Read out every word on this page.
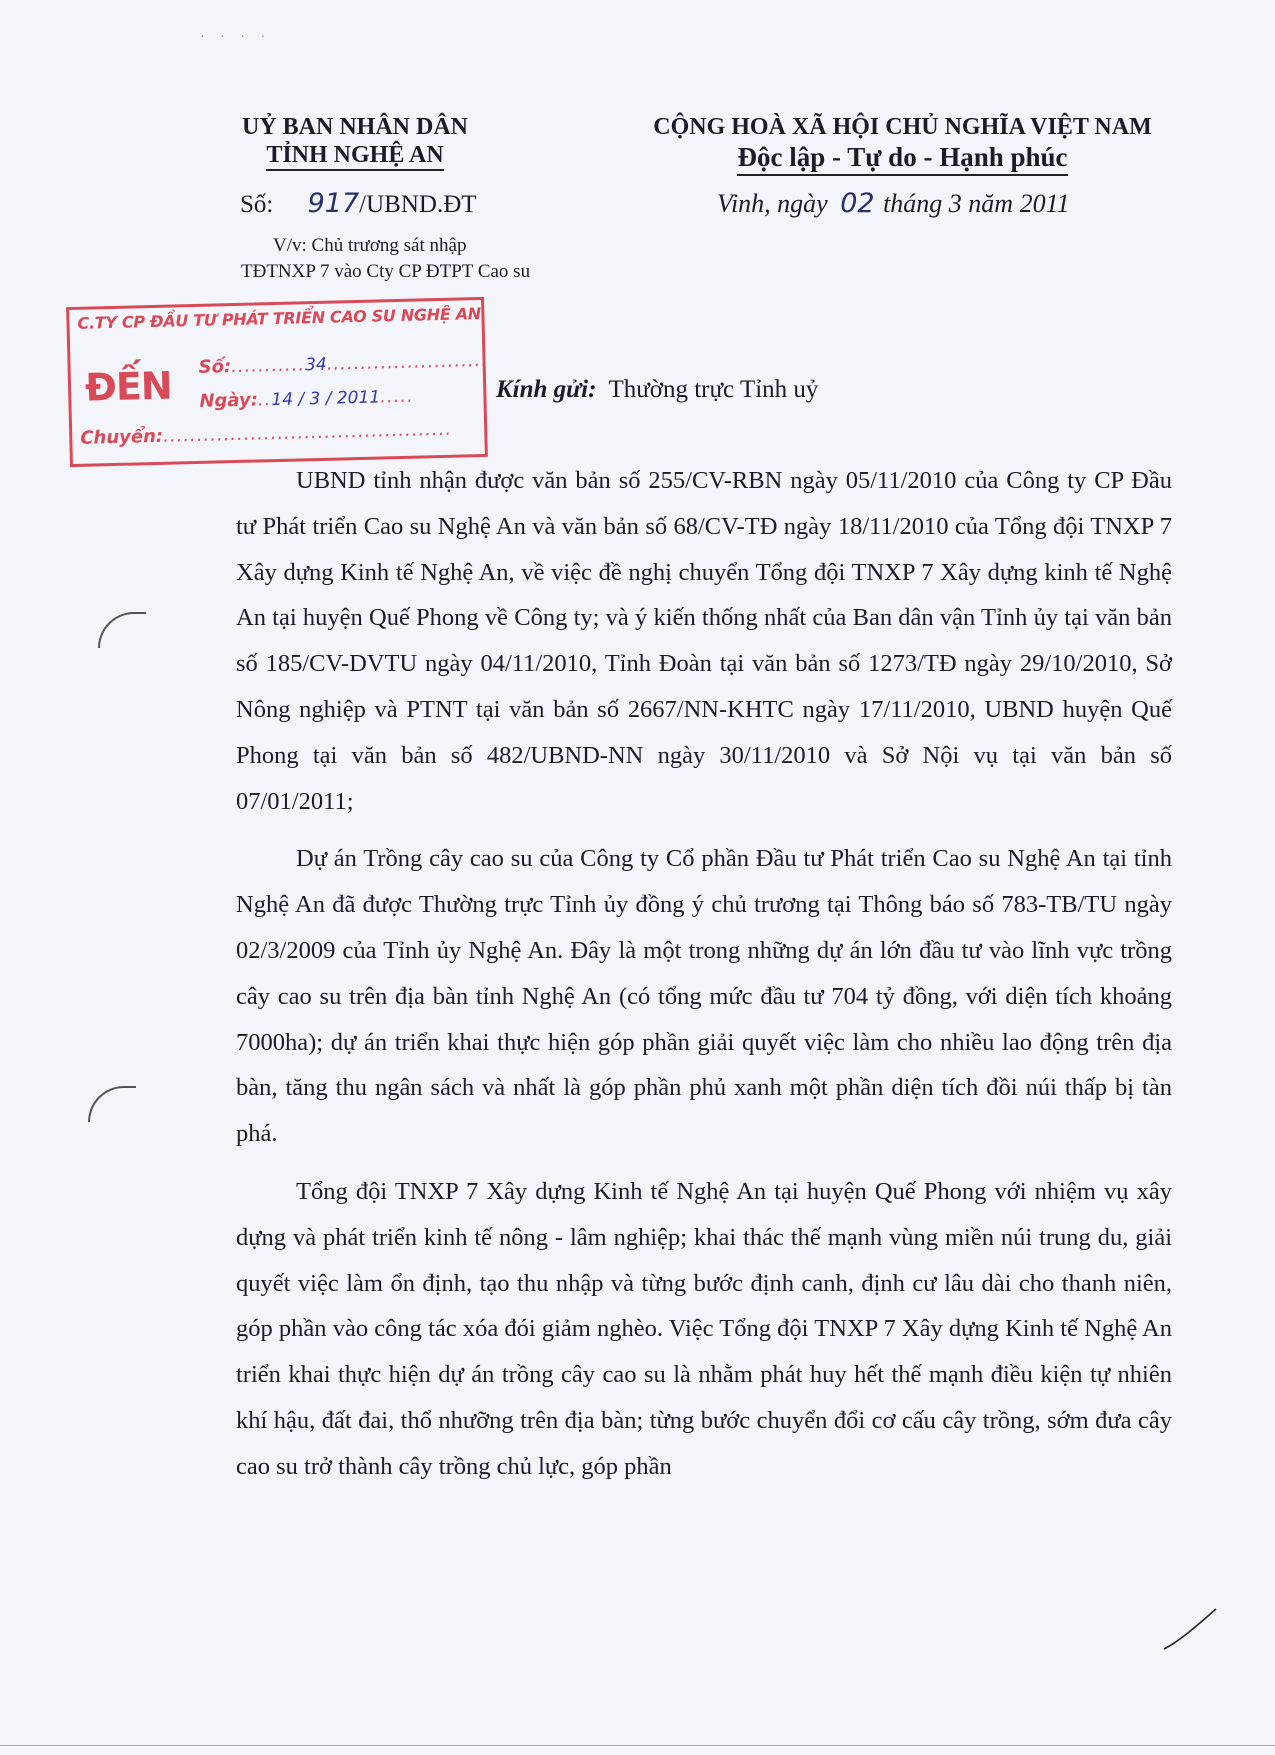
· · · ·
UỶ BAN NHÂN DÂN
TỈNH NGHỆ AN
CỘNG HOÀ XÃ HỘI CHỦ NGHĨA VIỆT NAM
Độc lập - Tự do - Hạnh phúc
Số: 917/UBND.ĐT	Vinh, ngày 02 tháng 3 năm 2011
V/v: Chủ trương sát nhập
TĐTNXP 7 vào Cty CP ĐTPT Cao su
C.TY CP ĐẦU TƯ PHÁT TRIỂN CAO SU NGHỆ AN
ĐẾN Số:...........34........................
Ngày:..14 / 3 / 2011.....
Chuyển:...........................................
Kính gửi: Thường trực Tỉnh uỷ

UBND tỉnh nhận được văn bản số 255/CV-RBN ngày 05/11/2010 của Công ty CP Đầu tư Phát triển Cao su Nghệ An và văn bản số 68/CV-TĐ ngày 18/11/2010 của Tổng đội TNXP 7 Xây dựng Kinh tế Nghệ An, về việc đề nghị chuyển Tổng đội TNXP 7 Xây dựng kinh tế Nghệ An tại huyện Quế Phong về Công ty; và ý kiến thống nhất của Ban dân vận Tỉnh ủy tại văn bản số 185/CV-DVTU ngày 04/11/2010, Tỉnh Đoàn tại văn bản số 1273/TĐ ngày 29/10/2010, Sở Nông nghiệp và PTNT tại văn bản số 2667/NN-KHTC ngày 17/11/2010, UBND huyện Quế Phong tại văn bản số 482/UBND-NN ngày 30/11/2010 và Sở Nội vụ tại văn bản số 07/01/2011;

Dự án Trồng cây cao su của Công ty Cổ phần Đầu tư Phát triển Cao su Nghệ An tại tỉnh Nghệ An đã được Thường trực Tỉnh ủy đồng ý chủ trương tại Thông báo số 783-TB/TU ngày 02/3/2009 của Tỉnh ủy Nghệ An. Đây là một trong những dự án lớn đầu tư vào lĩnh vực trồng cây cao su trên địa bàn tỉnh Nghệ An (có tổng mức đầu tư 704 tỷ đồng, với diện tích khoảng 7000ha); dự án triển khai thực hiện góp phần giải quyết việc làm cho nhiều lao động trên địa bàn, tăng thu ngân sách và nhất là góp phần phủ xanh một phần diện tích đồi núi thấp bị tàn phá.

Tổng đội TNXP 7 Xây dựng Kinh tế Nghệ An tại huyện Quế Phong với nhiệm vụ xây dựng và phát triển kinh tế nông - lâm nghiệp; khai thác thế mạnh vùng miền núi trung du, giải quyết việc làm ổn định, tạo thu nhập và từng bước định canh, định cư lâu dài cho thanh niên, góp phần vào công tác xóa đói giảm nghèo. Việc Tổng đội TNXP 7 Xây dựng Kinh tế Nghệ An triển khai thực hiện dự án trồng cây cao su là nhằm phát huy hết thế mạnh điều kiện tự nhiên khí hậu, đất đai, thổ nhưỡng trên địa bàn; từng bước chuyển đổi cơ cấu cây trồng, sớm đưa cây cao su trở thành cây trồng chủ lực, góp phần
